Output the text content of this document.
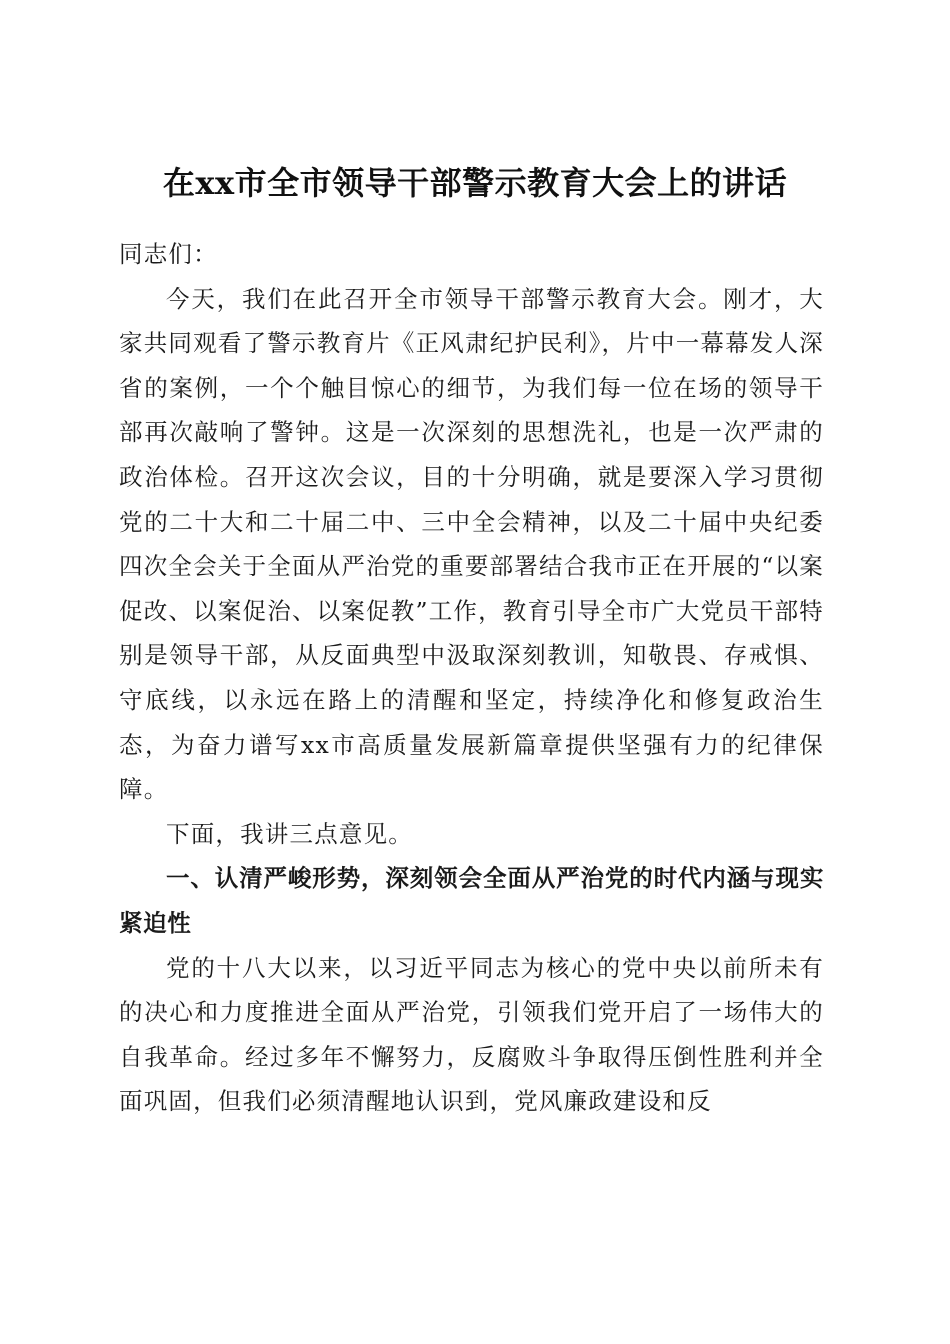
在xx市全市领导干部警示教育大会上的讲话

同志们：

今天，我们在此召开全市领导干部警示教育大会。刚才，大家共同观看了警示教育片《正风肃纪护民利》，片中一幕幕发人深省的案例，一个个触目惊心的细节，为我们每一位在场的领导干部再次敲响了警钟。这是一次深刻的思想洗礼，也是一次严肃的政治体检。召开这次会议，目的十分明确，就是要深入学习贯彻党的二十大和二十届二中、三中全会精神，以及二十届中央纪委四次全会关于全面从严治党的重要部署结合我市正在开展的“以案促改、以案促治、以案促教”工作，教育引导全市广大党员干部特别是领导干部，从反面典型中汲取深刻教训，知敬畏、存戒惧、守底线，以永远在路上的清醒和坚定，持续净化和修复政治生态，为奋力谱写xx市高质量发展新篇章提供坚强有力的纪律保障。

下面，我讲三点意见。

一、认清严峻形势，深刻领会全面从严治党的时代内涵与现实紧迫性

党的十八大以来，以习近平同志为核心的党中央以前所未有的决心和力度推进全面从严治党，引领我们党开启了一场伟大的自我革命。经过多年不懈努力，反腐败斗争取得压倒性胜利并全面巩固，但我们必须清醒地认识到，党风廉政建设和反
